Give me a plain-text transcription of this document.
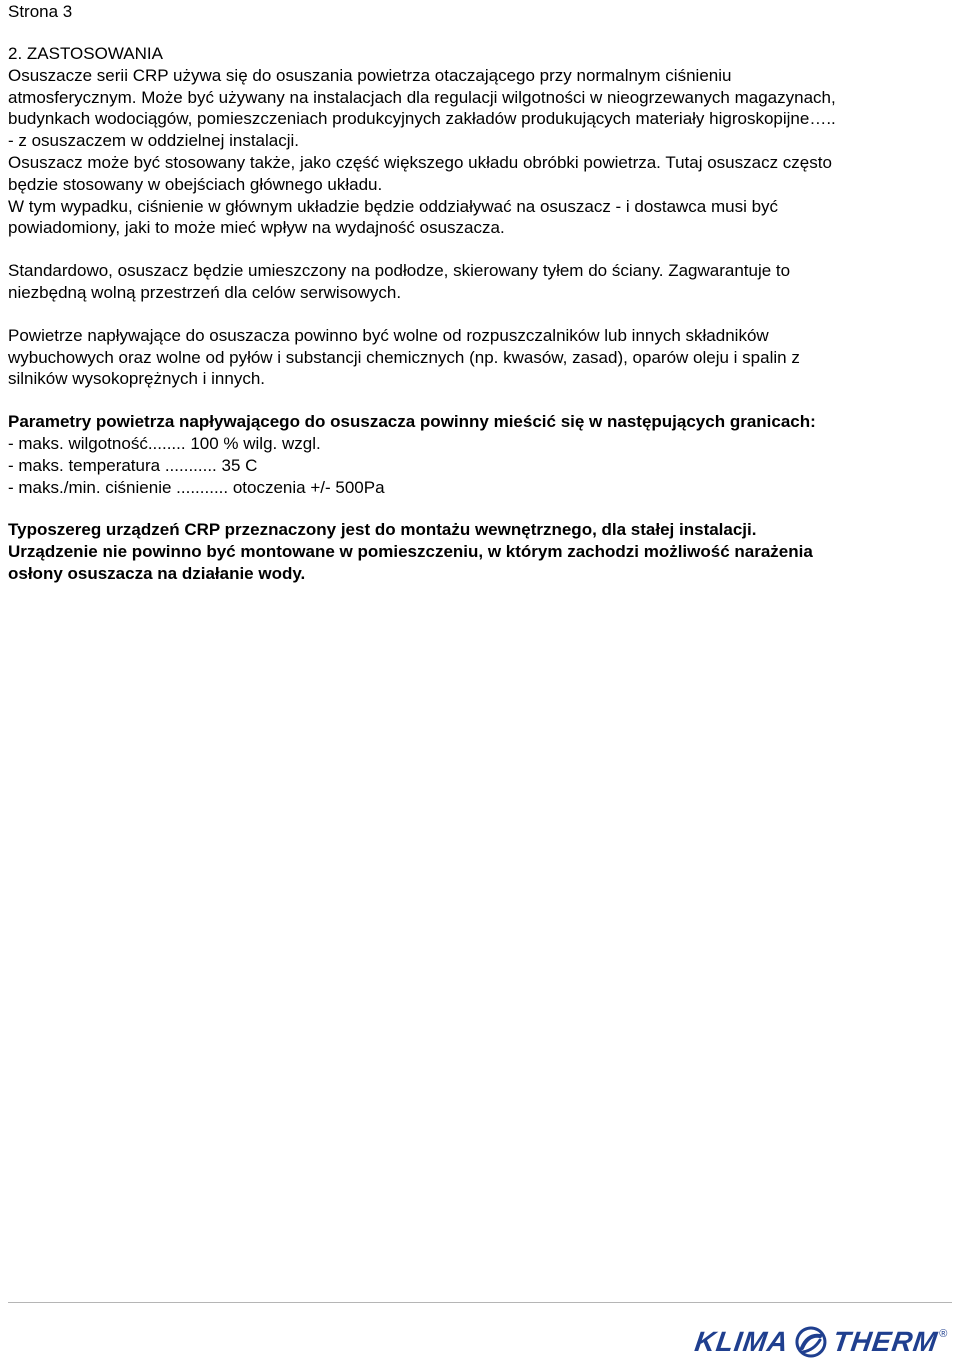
Strona 3
2. ZASTOSOWANIA

Osuszacze serii CRP używa się do osuszania powietrza otaczającego przy normalnym ciśnieniu
atmosferycznym. Może być używany na instalacjach dla regulacji wilgotności w nieogrzewanych magazynach,
budynkach wodociągów, pomieszczeniach produkcyjnych zakładów produkujących materiały higroskopijne…..
- z osuszaczem w oddzielnej instalacji.
Osuszacz może być stosowany także, jako część większego układu obróbki powietrza. Tutaj osuszacz często
będzie stosowany w obejściach głównego układu.
W tym wypadku, ciśnienie w głównym układzie będzie oddziaływać na osuszacz - i dostawca musi być
powiadomiony, jaki to może mieć wpływ na wydajność osuszacza.

Standardowo, osuszacz będzie umieszczony na podłodze, skierowany tyłem do ściany. Zagwarantuje to
niezbędną wolną przestrzeń dla celów serwisowych.

Powietrze napływające do osuszacza powinno być wolne od rozpuszczalników lub innych składników
wybuchowych oraz wolne od pyłów i substancji chemicznych (np. kwasów, zasad), oparów oleju i spalin z
silników wysokoprężnych i innych.

Parametry powietrza napływającego do osuszacza powinny mieścić się w następujących granicach:

- maks. wilgotność........ 100 % wilg. wzgl.

- maks. temperatura ........... 35 C

- maks./min. ciśnienie ........... otoczenia +/- 500Pa

Typoszereg urządzeń CRP przeznaczony jest do montażu wewnętrznego, dla stałej instalacji.
Urządzenie nie powinno być montowane w pomieszczeniu, w którym zachodzi możliwość narażenia
osłony osuszacza na działanie wody.

KLIMA THERM ®
